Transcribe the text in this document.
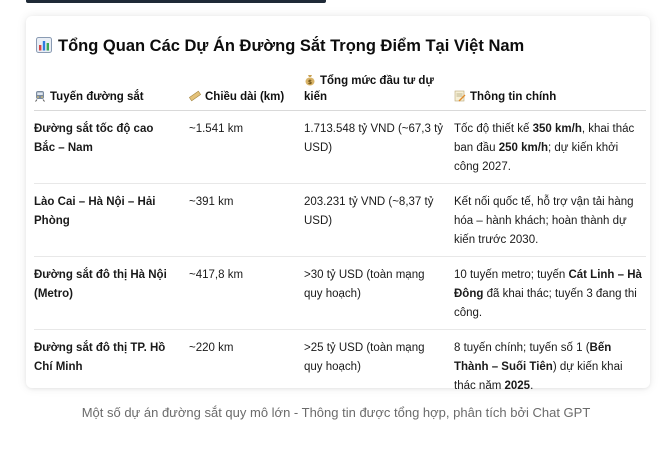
Tổng Quan Các Dự Án Đường Sắt Trọng Điểm Tại Việt Nam
Tuyến đường sắt	Chiều dài (km)	$ Tổng mức đầu tư dự kiến	Thông tin chính
Đường sắt tốc độ cao Bắc – Nam	~1.541 km	1.713.548 tỷ VND (~67,3 tỷ USD)	Tốc độ thiết kế 350 km/h, khai thác ban đầu 250 km/h; dự kiến khởi công 2027.
Lào Cai – Hà Nội – Hải Phòng	~391 km	203.231 tỷ VND (~8,37 tỷ USD)	Kết nối quốc tế, hỗ trợ vận tải hàng hóa – hành khách; hoàn thành dự kiến trước 2030.
Đường sắt đô thị Hà Nội (Metro)	~417,8 km	>30 tỷ USD (toàn mạng quy hoạch)	10 tuyến metro; tuyến Cát Linh – Hà Đông đã khai thác; tuyến 3 đang thi công.
Đường sắt đô thị TP. Hồ Chí Minh	~220 km	>25 tỷ USD (toàn mạng quy hoạch)	8 tuyến chính; tuyến số 1 (Bến Thành – Suối Tiên) dự kiến khai thác năm 2025.
Một số dự án đường sắt quy mô lớn - Thông tin được tổng hợp, phân tích bởi Chat GPT
